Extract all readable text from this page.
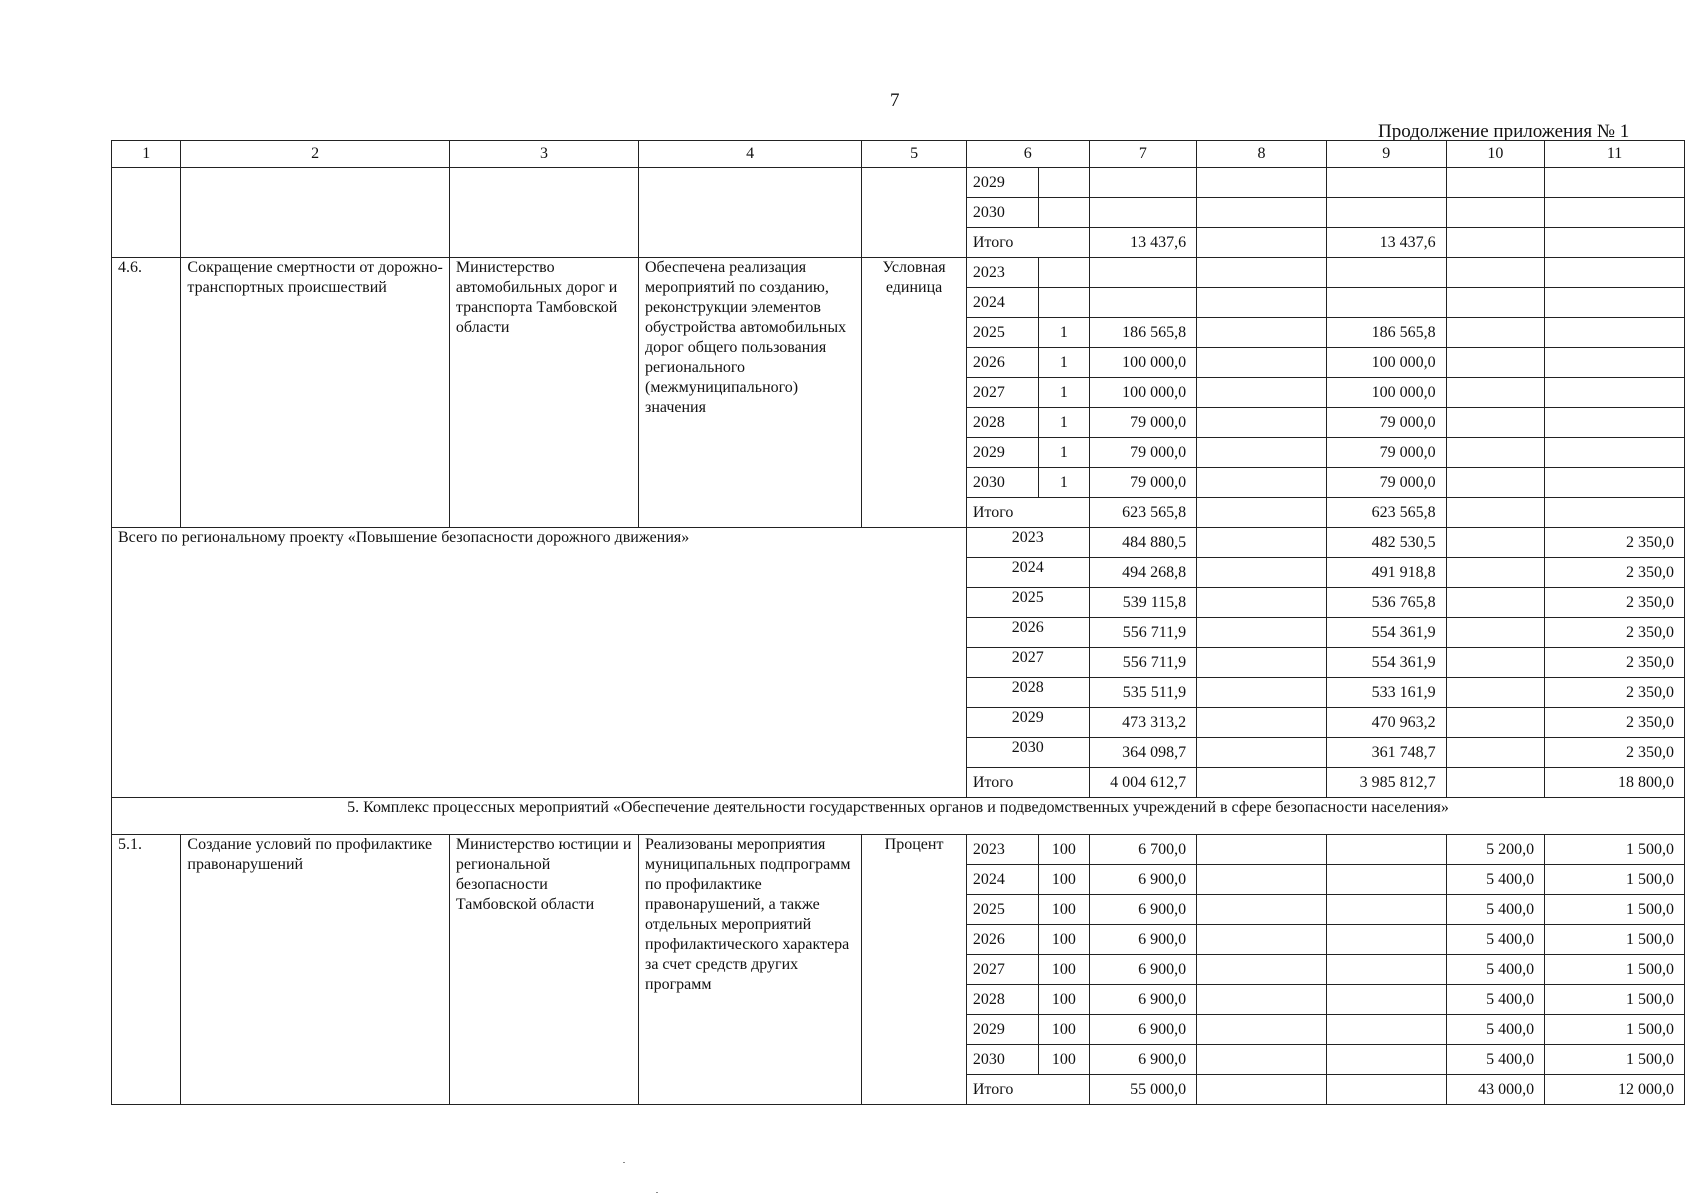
7
Продолжение приложения № 1
1	2	3	4	5	6		7	8	9	10	11
					2029						
					2030						
					Итого		13 437,6		13 437,6		
4.6.	Сокращение смертности от дорожно-транспортных происшествий	Министерство автомобильных дорог и транспорта Тамбовской области	Обеспечена реализация мероприятий по созданию, реконструкции элементов обустройства автомобильных дорог общего пользования регионального (межмуниципального) значения	Условная единица	2023						
					2024						
					2025	1	186 565,8		186 565,8		
					2026	1	100 000,0		100 000,0		
					2027	1	100 000,0		100 000,0		
					2028	1	79 000,0		79 000,0		
					2029	1	79 000,0		79 000,0		
					2030	1	79 000,0		79 000,0		
					Итого		623 565,8		623 565,8		
Всего по региональному проекту «Повышение безопасности дорожного движения»					2023		484 880,5		482 530,5		2 350,0
					2024		494 268,8		491 918,8		2 350,0
					2025		539 115,8		536 765,8		2 350,0
					2026		556 711,9		554 361,9		2 350,0
					2027		556 711,9		554 361,9		2 350,0
					2028		535 511,9		533 161,9		2 350,0
					2029		473 313,2		470 963,2		2 350,0
					2030		364 098,7		361 748,7		2 350,0
					Итого		4 004 612,7		3 985 812,7		18 800,0
5. Комплекс процессных мероприятий «Обеспечение деятельности государственных органов и подведомственных учреждений в сфере безопасности населения»											
5.1.	Создание условий по профилактике правонарушений	Министерство юстиции и региональной безопасности Тамбовской области	Реализованы мероприятия муниципальных подпрограмм по профилактике правонарушений, а также отдельных мероприятий профилактического характера за счет средств других программ	Процент	2023	100	6 700,0			5 200,0	1 500,0
					2024	100	6 900,0			5 400,0	1 500,0
					2025	100	6 900,0			5 400,0	1 500,0
					2026	100	6 900,0			5 400,0	1 500,0
					2027	100	6 900,0			5 400,0	1 500,0
					2028	100	6 900,0			5 400,0	1 500,0
					2029	100	6 900,0			5 400,0	1 500,0
					2030	100	6 900,0			5 400,0	1 500,0
					Итого		55 000,0			43 000,0	12 000,0
